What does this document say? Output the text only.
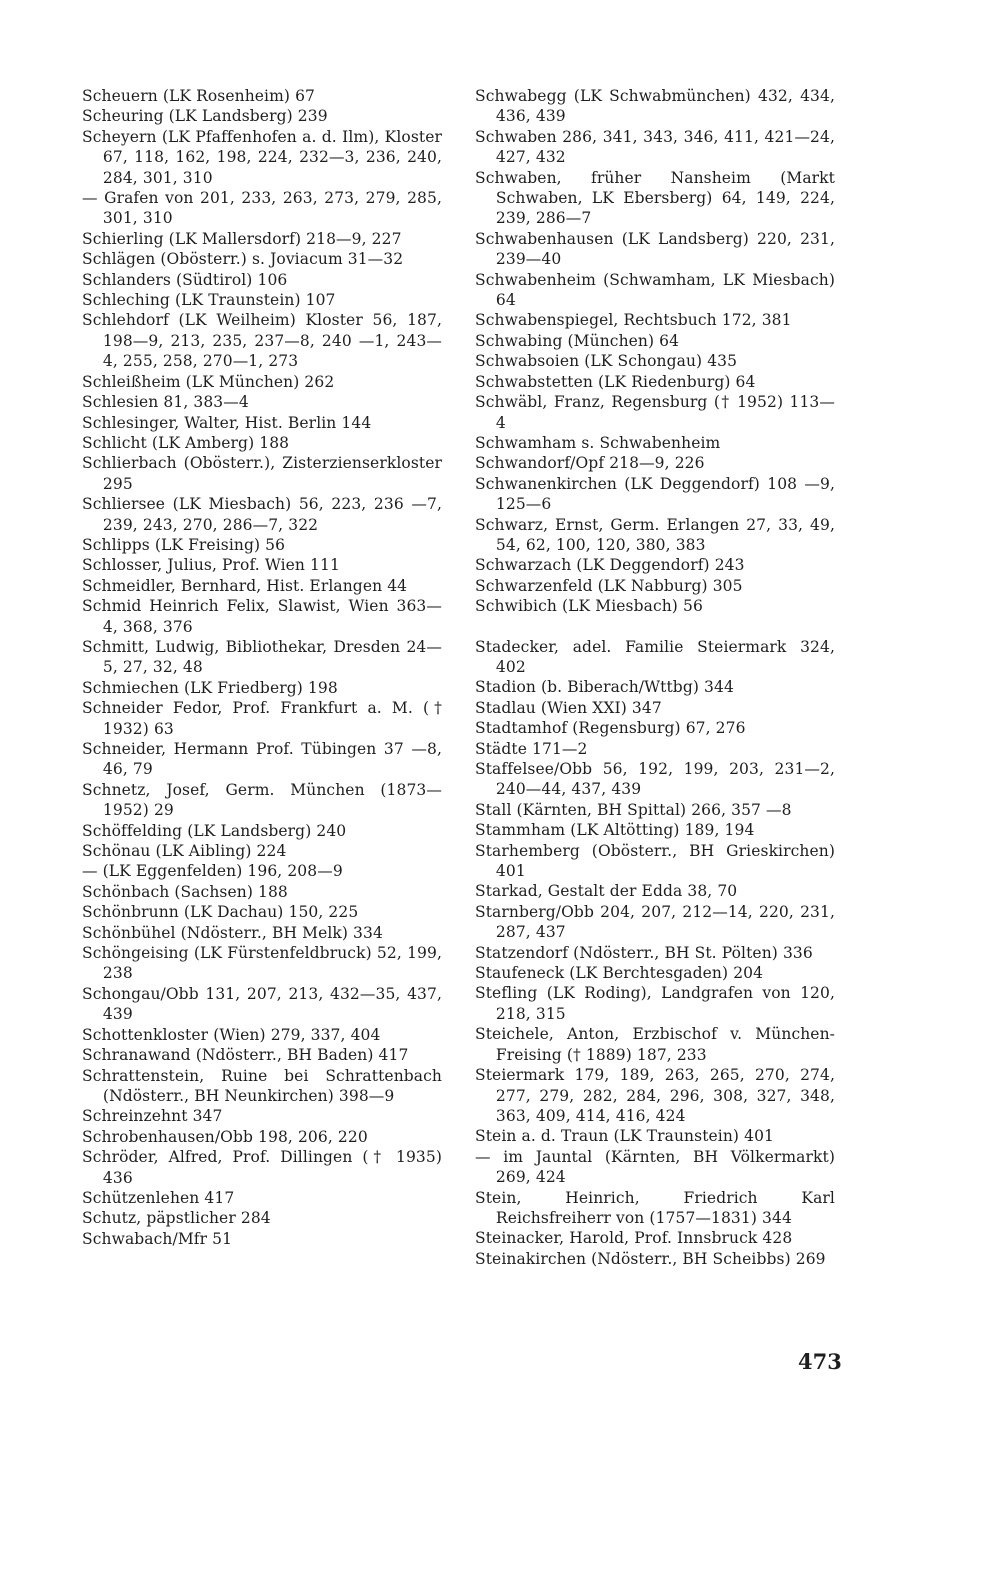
Scheuern (LK Rosenheim) 67
Scheuring (LK Landsberg) 239
Scheyern (LK Pfaffenhofen a. d. Ilm), Kloster 67, 118, 162, 198, 224, 232—3, 236, 240, 284, 301, 310
— Grafen von 201, 233, 263, 273, 279, 285, 301, 310
Schierling (LK Mallersdorf) 218—9, 227
Schlägen (Obösterr.) s. Joviacum 31—32
Schlanders (Südtirol) 106
Schleching (LK Traunstein) 107
Schlehdorf (LK Weilheim) Kloster 56, 187, 198—9, 213, 235, 237—8, 240 —1, 243—4, 255, 258, 270—1, 273
Schleißheim (LK München) 262
Schlesien 81, 383—4
Schlesinger, Walter, Hist. Berlin 144
Schlicht (LK Amberg) 188
Schlierbach (Obösterr.), Zisterzienserkloster 295
Schliersee (LK Miesbach) 56, 223, 236 —7, 239, 243, 270, 286—7, 322
Schlipps (LK Freising) 56
Schlosser, Julius, Prof. Wien 111
Schmeidler, Bernhard, Hist. Erlangen 44
Schmid Heinrich Felix, Slawist, Wien 363—4, 368, 376
Schmitt, Ludwig, Bibliothekar, Dresden 24—5, 27, 32, 48
Schmiechen (LK Friedberg) 198
Schneider Fedor, Prof. Frankfurt a. M. († 1932) 63
Schneider, Hermann Prof. Tübingen 37 —8, 46, 79
Schnetz, Josef, Germ. München (1873—1952) 29
Schöffelding (LK Landsberg) 240
Schönau (LK Aibling) 224
— (LK Eggenfelden) 196, 208—9
Schönbach (Sachsen) 188
Schönbrunn (LK Dachau) 150, 225
Schönbühel (Ndösterr., BH Melk) 334
Schöngeising (LK Fürstenfeldbruck) 52, 199, 238
Schongau/Obb 131, 207, 213, 432—35, 437, 439
Schottenkloster (Wien) 279, 337, 404
Schranawand (Ndösterr., BH Baden) 417
Schrattenstein, Ruine bei Schrattenbach (Ndösterr., BH Neunkirchen) 398—9
Schreinzehnt 347
Schrobenhausen/Obb 198, 206, 220
Schröder, Alfred, Prof. Dillingen († 1935) 436
Schützenlehen 417
Schutz, päpstlicher 284
Schwabach/Mfr 51
Schwabegg (LK Schwabmünchen) 432, 434, 436, 439
Schwaben 286, 341, 343, 346, 411, 421—24, 427, 432
Schwaben, früher Nansheim (Markt Schwaben, LK Ebersberg) 64, 149, 224, 239, 286—7
Schwabenhausen (LK Landsberg) 220, 231, 239—40
Schwabenheim (Schwamham, LK Miesbach) 64
Schwabenspiegel, Rechtsbuch 172, 381
Schwabing (München) 64
Schwabsoien (LK Schongau) 435
Schwabstetten (LK Riedenburg) 64
Schwäbl, Franz, Regensburg († 1952) 113—4
Schwamham s. Schwabenheim
Schwandorf/Opf 218—9, 226
Schwanenkirchen (LK Deggendorf) 108 —9, 125—6
Schwarz, Ernst, Germ. Erlangen 27, 33, 49, 54, 62, 100, 120, 380, 383
Schwarzach (LK Deggendorf) 243
Schwarzenfeld (LK Nabburg) 305
Schwibich (LK Miesbach) 56
Stadecker, adel. Familie Steiermark 324, 402
Stadion (b. Biberach/Wttbg) 344
Stadlau (Wien XXI) 347
Stadtamhof (Regensburg) 67, 276
Städte 171—2
Staffelsee/Obb 56, 192, 199, 203, 231—2, 240—44, 437, 439
Stall (Kärnten, BH Spittal) 266, 357 —8
Stammham (LK Altötting) 189, 194
Starhemberg (Obösterr., BH Grieskirchen) 401
Starkad, Gestalt der Edda 38, 70
Starnberg/Obb 204, 207, 212—14, 220, 231, 287, 437
Statzendorf (Ndösterr., BH St. Pölten) 336
Staufeneck (LK Berchtesgaden) 204
Stefling (LK Roding), Landgrafen von 120, 218, 315
Steichele, Anton, Erzbischof v. München-Freising († 1889) 187, 233
Steiermark 179, 189, 263, 265, 270, 274, 277, 279, 282, 284, 296, 308, 327, 348, 363, 409, 414, 416, 424
Stein a. d. Traun (LK Traunstein) 401
— im Jauntal (Kärnten, BH Völkermarkt) 269, 424
Stein, Heinrich, Friedrich Karl Reichsfreiherr von (1757—1831) 344
Steinacker, Harold, Prof. Innsbruck 428
Steinakirchen (Ndösterr., BH Scheibbs) 269
473
